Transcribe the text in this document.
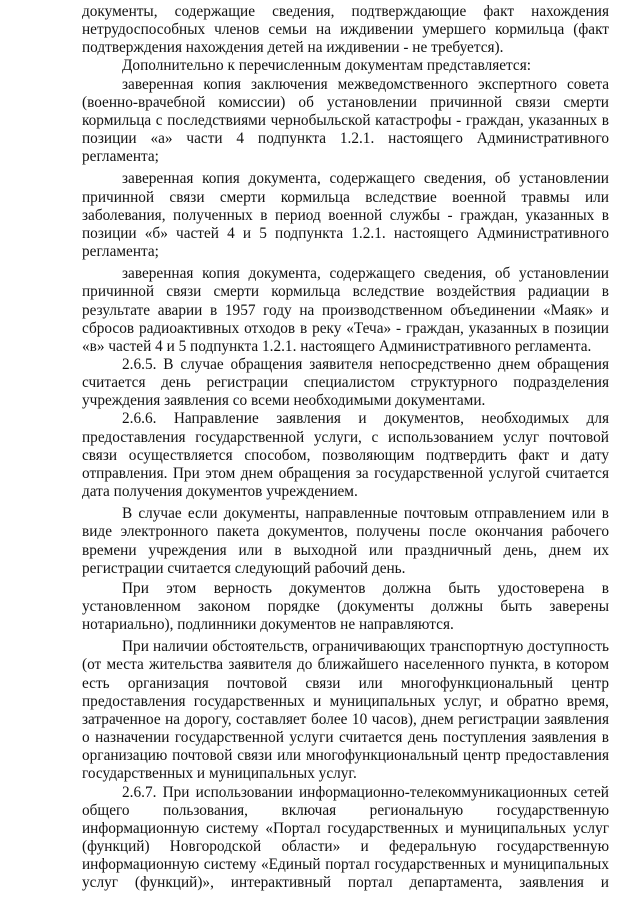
документы, содержащие сведения, подтверждающие факт нахождения
нетрудоспособных членов семьи на иждивении умершего кормильца (факт
подтверждения нахождения детей на иждивении - не требуется).

Дополнительно к перечисленным документам представляется:

заверенная копия заключения межведомственного экспертного совета
(военно-врачебной комиссии) об установлении причинной связи смерти
кормильца с последствиями чернобыльской катастрофы - граждан, указанных в
позиции «а» части 4 подпункта 1.2.1. настоящего Административного
регламента;

заверенная копия документа, содержащего сведения, об установлении
причинной связи смерти кормильца вследствие военной травмы или
заболевания, полученных в период военной службы - граждан, указанных в
позиции «б» частей 4 и 5 подпункта 1.2.1. настоящего Административного
регламента;

заверенная копия документа, содержащего сведения, об установлении
причинной связи смерти кормильца вследствие воздействия радиации в
результате аварии в 1957 году на производственном объединении «Маяк» и
сбросов радиоактивных отходов в реку «Теча» - граждан, указанных в позиции
«в» частей 4 и 5 подпункта 1.2.1. настоящего Административного регламента.

2.6.5. В случае обращения заявителя непосредственно днем обращения
считается день регистрации специалистом структурного подразделения
учреждения заявления со всеми необходимыми документами.

2.6.6. Направление заявления и документов, необходимых для
предоставления государственной услуги, с использованием услуг почтовой
связи осуществляется способом, позволяющим подтвердить факт и дату
отправления. При этом днем обращения за государственной услугой считается
дата получения документов учреждением.

В случае если документы, направленные почтовым отправлением или в
виде электронного пакета документов, получены после окончания рабочего
времени учреждения или в выходной или праздничный день, днем их
регистрации считается следующий рабочий день.

При этом верность документов должна быть удостоверена в
установленном законом порядке (документы должны быть заверены
нотариально), подлинники документов не направляются.

При наличии обстоятельств, ограничивающих транспортную доступность
(от места жительства заявителя до ближайшего населенного пункта, в котором
есть организация почтовой связи или многофункциональный центр
предоставления государственных и муниципальных услуг, и обратно время,
затраченное на дорогу, составляет более 10 часов), днем регистрации заявления
о назначении государственной услуги считается день поступления заявления в
организацию почтовой связи или многофункциональный центр предоставления
государственных и муниципальных услуг.

2.6.7. При использовании информационно-телекоммуникационных сетей
общего пользования, включая региональную государственную
информационную систему «Портал государственных и муниципальных услуг
(функций) Новгородской области» и федеральную государственную
информационную систему «Единый портал государственных и муниципальных
услуг (функций)», интерактивный портал департамента, заявления и
